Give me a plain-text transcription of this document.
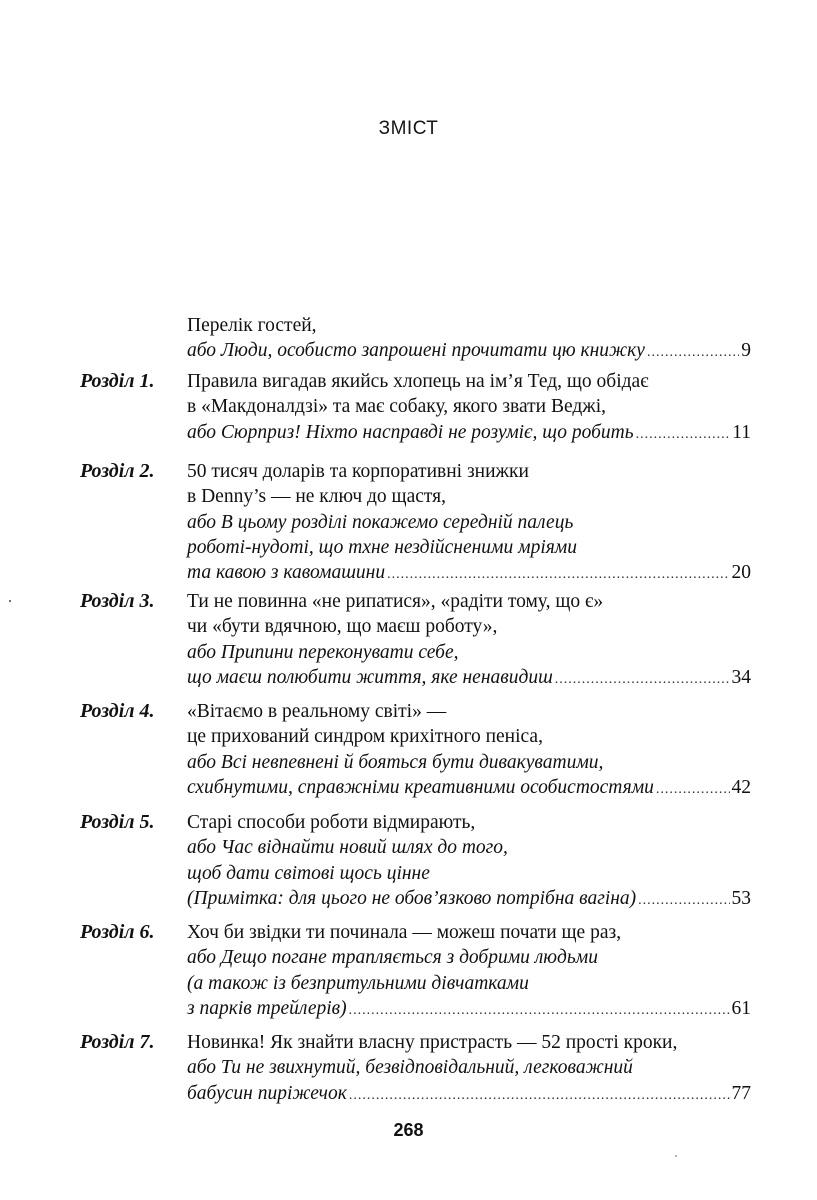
ЗМІСТ
Перелік гостей,
або Люди, особисто запрошені прочитати цю книжку .....	9
Розділ 1. Правила вигадав якийсь хлопець на ім’я Тед, що обідає
в «Макдоналдзі» та має собаку, якого звати Веджі,
або Сюрприз! Ніхто насправді не розуміє, що робить .....	11
Розділ 2. 50 тисяч доларів та корпоративні знижки
в Denny’s — не ключ до щастя,
або В цьому розділі покажемо середній палець
роботі-нудоті, що тхне нездійсненими мріями
та кавою з кавомашини .....	20
Розділ 3. Ти не повинна «не рипатися», «радіти тому, що є»
чи «бути вдячною, що маєш роботу»,
або Припини переконувати себе,
що маєш полюбити життя, яке ненавидиш .....	34
Розділ 4. «Вітаємо в реальному світі» —
це прихований синдром крихітного пеніса,
або Всі невпевнені й бояться бути дивакуватими,
схибнутими, справжніми креативними особистостями .....	42
Розділ 5. Старі способи роботи відмирають,
або Час віднайти новий шлях до того,
щоб дати світові щось цінне
(Примітка: для цього не обов’язково потрібна вагіна) .....	53
Розділ 6. Хоч би звідки ти починала — можеш почати ще раз,
або Дещо погане трапляється з добрими людьми
(а також із безпритульними дівчатками
з парків трейлерів) .....	61
Розділ 7. Новинка! Як знайти власну пристрасть — 52 прості кроки,
або Ти не звихнутий, безвідповідальний, легковажний
бабусин пиріжечок .....	77
268
